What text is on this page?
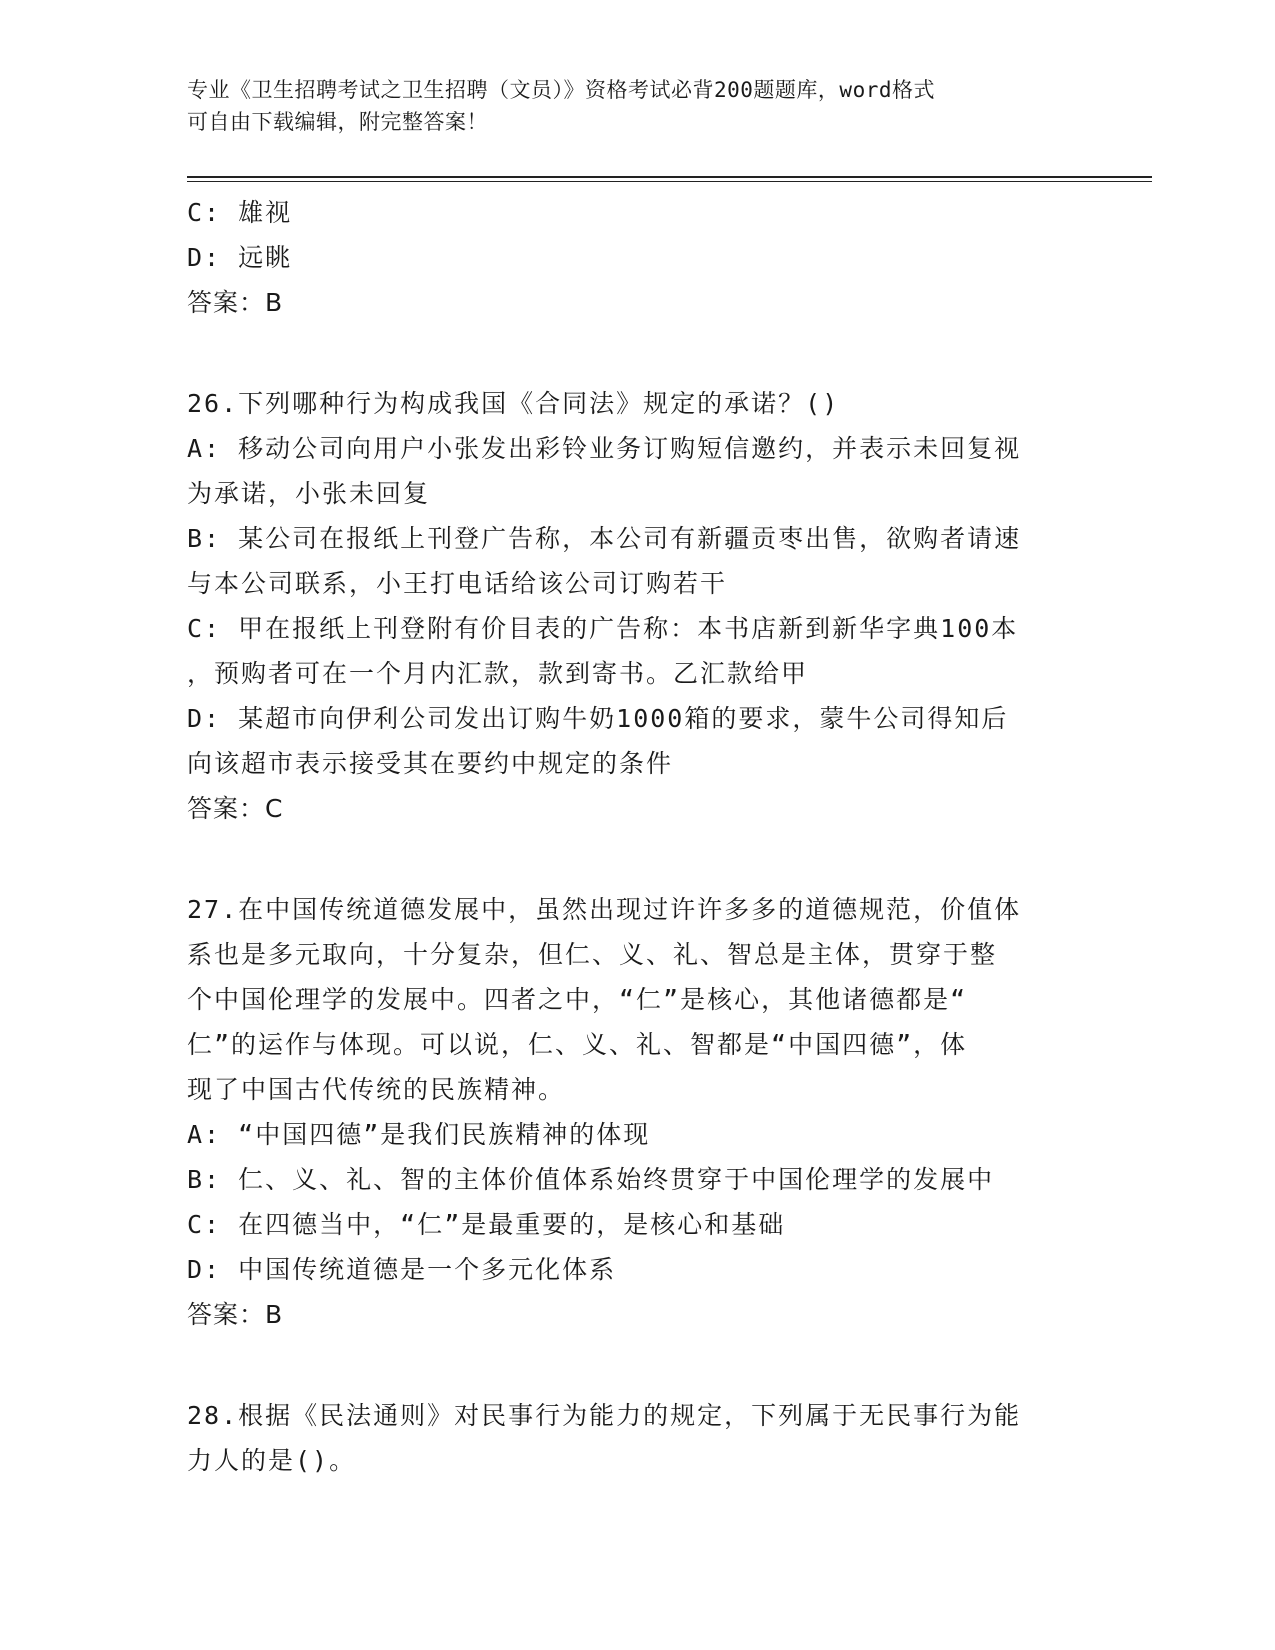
专业《卫生招聘考试之卫生招聘（文员）》资格考试必背200题题库，word格式
可自由下载编辑，附完整答案！
C: 雄视
D: 远眺
答案：B
26.下列哪种行为构成我国《合同法》规定的承诺？()
A: 移动公司向用户小张发出彩铃业务订购短信邀约，并表示未回复视
为承诺，小张未回复
B: 某公司在报纸上刊登广告称，本公司有新疆贡枣出售，欲购者请速
与本公司联系，小王打电话给该公司订购若干
C: 甲在报纸上刊登附有价目表的广告称：本书店新到新华字典100本
，预购者可在一个月内汇款，款到寄书。乙汇款给甲
D: 某超市向伊利公司发出订购牛奶1000箱的要求，蒙牛公司得知后
向该超市表示接受其在要约中规定的条件
答案：C
27.在中国传统道德发展中，虽然出现过许许多多的道德规范，价值体
系也是多元取向，十分复杂，但仁、义、礼、智总是主体，贯穿于整
个中国伦理学的发展中。四者之中，“仁”是核心，其他诸德都是“
仁”的运作与体现。可以说，仁、义、礼、智都是“中国四德”，体
现了中国古代传统的民族精神。
A: “中国四德”是我们民族精神的体现
B: 仁、义、礼、智的主体价值体系始终贯穿于中国伦理学的发展中
C: 在四德当中，“仁”是最重要的，是核心和基础
D: 中国传统道德是一个多元化体系
答案：B
28.根据《民法通则》对民事行为能力的规定，下列属于无民事行为能
力人的是()。
